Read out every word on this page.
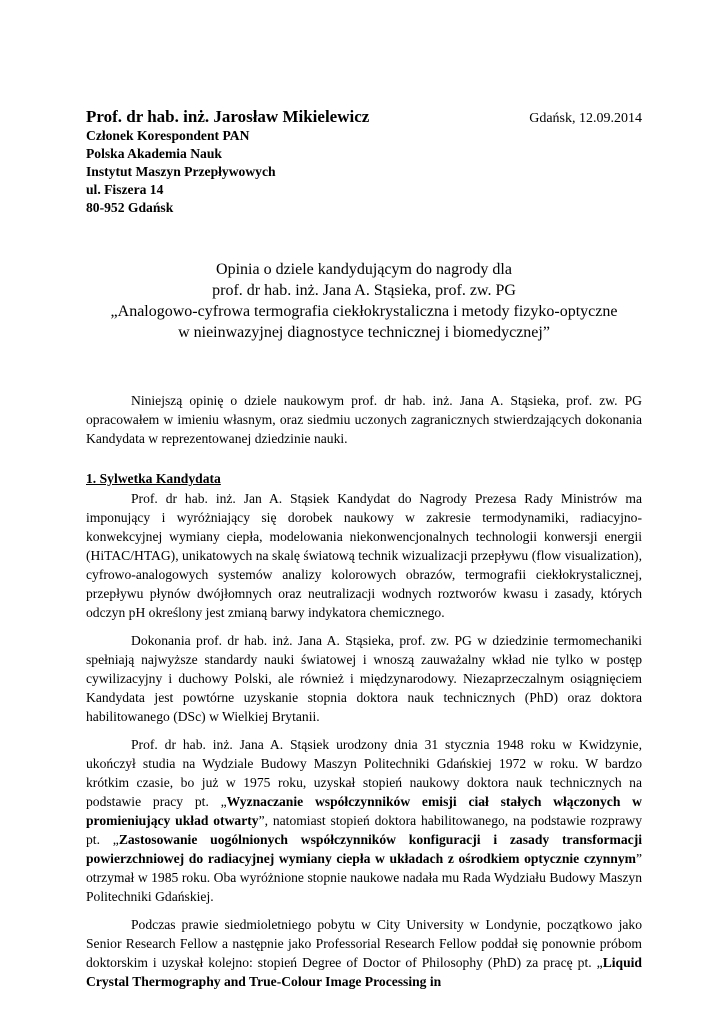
Prof. dr hab. inż. Jarosław Mikielewicz	Gdańsk, 12.09.2014
Członek Korespondent PAN
Polska Akademia Nauk
Instytut Maszyn Przepływowych
ul. Fiszera 14
80-952 Gdańsk
Opinia o dziele kandydującym do nagrody dla
prof. dr hab. inż. Jana A. Stąsieka, prof. zw. PG
„Analogowo-cyfrowa termografia ciekłokrystaliczna i metody fizyko-optyczne
w nieinwazyjnej diagnostyce technicznej i biomedycznej”

Niniejszą opinię o dziele naukowym prof. dr hab. inż. Jana A. Stąsieka, prof. zw. PG opracowałem w imieniu własnym, oraz siedmiu uczonych zagranicznych stwierdzających dokonania Kandydata w reprezentowanej dziedzinie nauki.

1. Sylwetka Kandydata

Prof. dr hab. inż. Jan A. Stąsiek Kandydat do Nagrody Prezesa Rady Ministrów ma imponujący i wyróżniający się dorobek naukowy w zakresie termodynamiki, radiacyjno-konwekcyjnej wymiany ciepła, modelowania niekonwencjonalnych technologii konwersji energii (HiTAC/HTAG), unikatowych na skalę światową technik wizualizacji przepływu (flow visualization), cyfrowo-analogowych systemów analizy kolorowych obrazów, termografii ciekłokrystalicznej, przepływu płynów dwójłomnych oraz neutralizacji wodnych roztworów kwasu i zasady, których odczyn pH określony jest zmianą barwy indykatora chemicznego.

Dokonania prof. dr hab. inż. Jana A. Stąsieka, prof. zw. PG w dziedzinie termomechaniki spełniają najwyższe standardy nauki światowej i wnoszą zauważalny wkład nie tylko w postęp cywilizacyjny i duchowy Polski, ale również i międzynarodowy. Niezaprzeczalnym osiągnięciem Kandydata jest powtórne uzyskanie stopnia doktora nauk technicznych (PhD) oraz doktora habilitowanego (DSc) w Wielkiej Brytanii.

Prof. dr hab. inż. Jana A. Stąsiek urodzony dnia 31 stycznia 1948 roku w Kwidzynie, ukończył studia na Wydziale Budowy Maszyn Politechniki Gdańskiej 1972 w roku. W bardzo krótkim czasie, bo już w 1975 roku, uzyskał stopień naukowy doktora nauk technicznych na podstawie pracy pt. „Wyznaczanie współczynników emisji ciał stałych włączonych w promieniujący układ otwarty”, natomiast stopień doktora habilitowanego, na podstawie rozprawy pt. „Zastosowanie uogólnionych współczynników konfiguracji i zasady transformacji powierzchniowej do radiacyjnej wymiany ciepła w układach z ośrodkiem optycznie czynnym” otrzymał w 1985 roku. Oba wyróżnione stopnie naukowe nadała mu Rada Wydziału Budowy Maszyn Politechniki Gdańskiej.

Podczas prawie siedmioletniego pobytu w City University w Londynie, początkowo jako Senior Research Fellow a następnie jako Professorial Research Fellow poddał się ponownie próbom doktorskim i uzyskał kolejno: stopień Degree of Doctor of Philosophy (PhD) za pracę pt. „Liquid Crystal Thermography and True-Colour Image Processing in
